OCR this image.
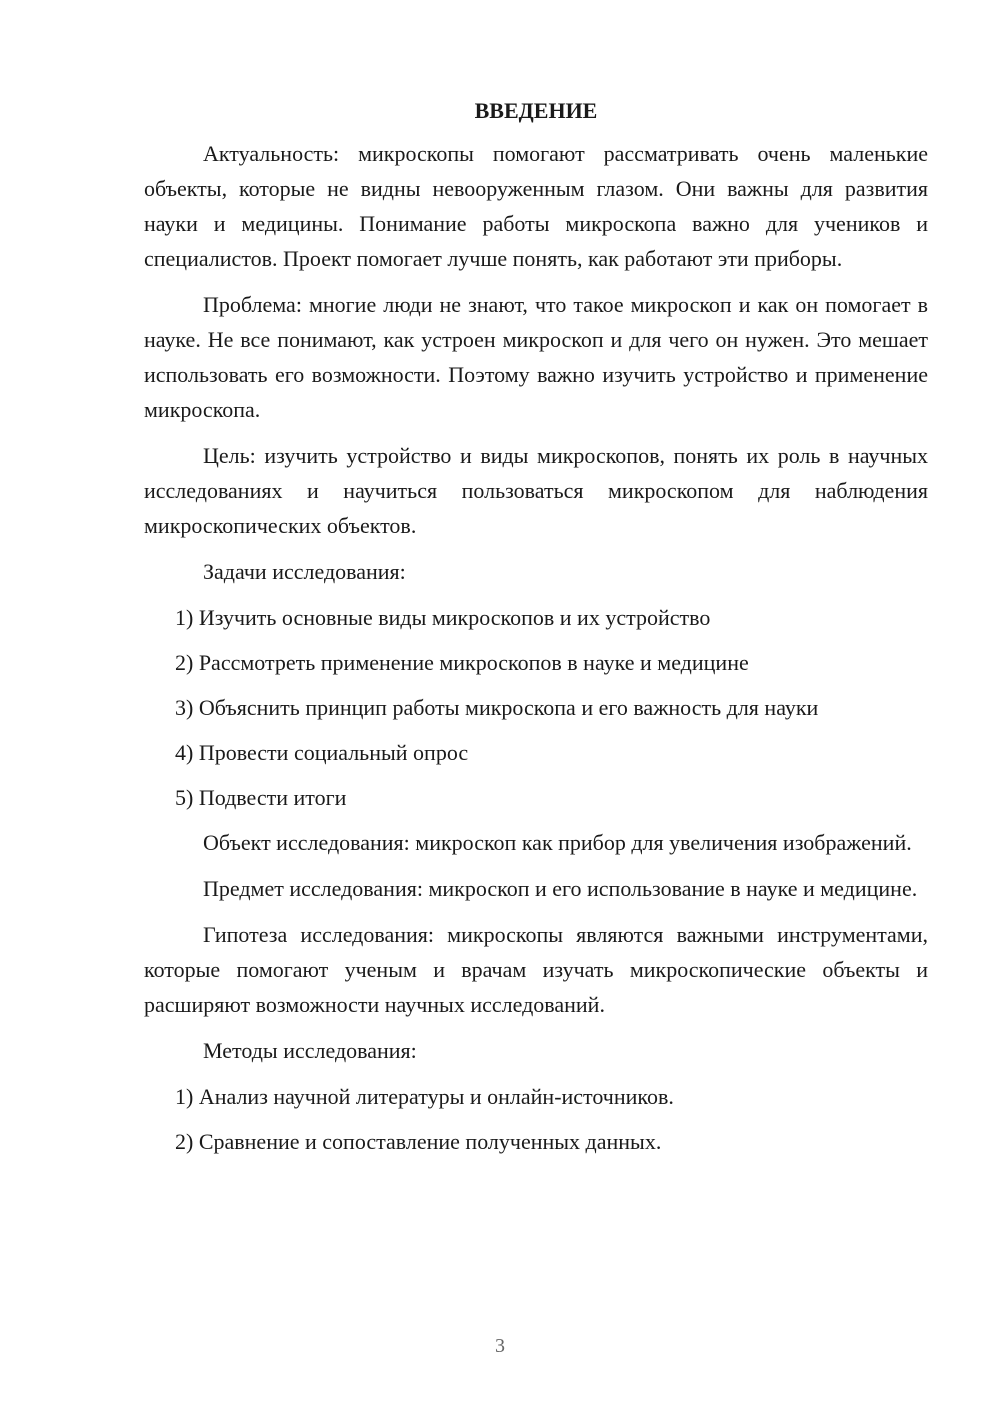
ВВЕДЕНИЕ

Актуальность: микроскопы помогают рассматривать очень маленькие объекты, которые не видны невооруженным глазом. Они важны для развития науки и медицины. Понимание работы микроскопа важно для учеников и специалистов. Проект помогает лучше понять, как работают эти приборы.

Проблема: многие люди не знают, что такое микроскоп и как он помогает в науке. Не все понимают, как устроен микроскоп и для чего он нужен. Это мешает использовать его возможности. Поэтому важно изучить устройство и применение микроскопа.

Цель: изучить устройство и виды микроскопов, понять их роль в научных исследованиях и научиться пользоваться микроскопом для наблюдения микроскопических объектов.

Задачи исследования:

1) Изучить основные виды микроскопов и их устройство

2) Рассмотреть применение микроскопов в науке и медицине

3) Объяснить принцип работы микроскопа и его важность для науки

4) Провести социальный опрос

5) Подвести итоги

Объект исследования: микроскоп как прибор для увеличения изображений.

Предмет исследования: микроскоп и его использование в науке и медицине.

Гипотеза исследования: микроскопы являются важными инструментами, которые помогают ученым и врачам изучать микроскопические объекты и расширяют возможности научных исследований.

Методы исследования:

1) Анализ научной литературы и онлайн-источников.

2) Сравнение и сопоставление полученных данных.

3
